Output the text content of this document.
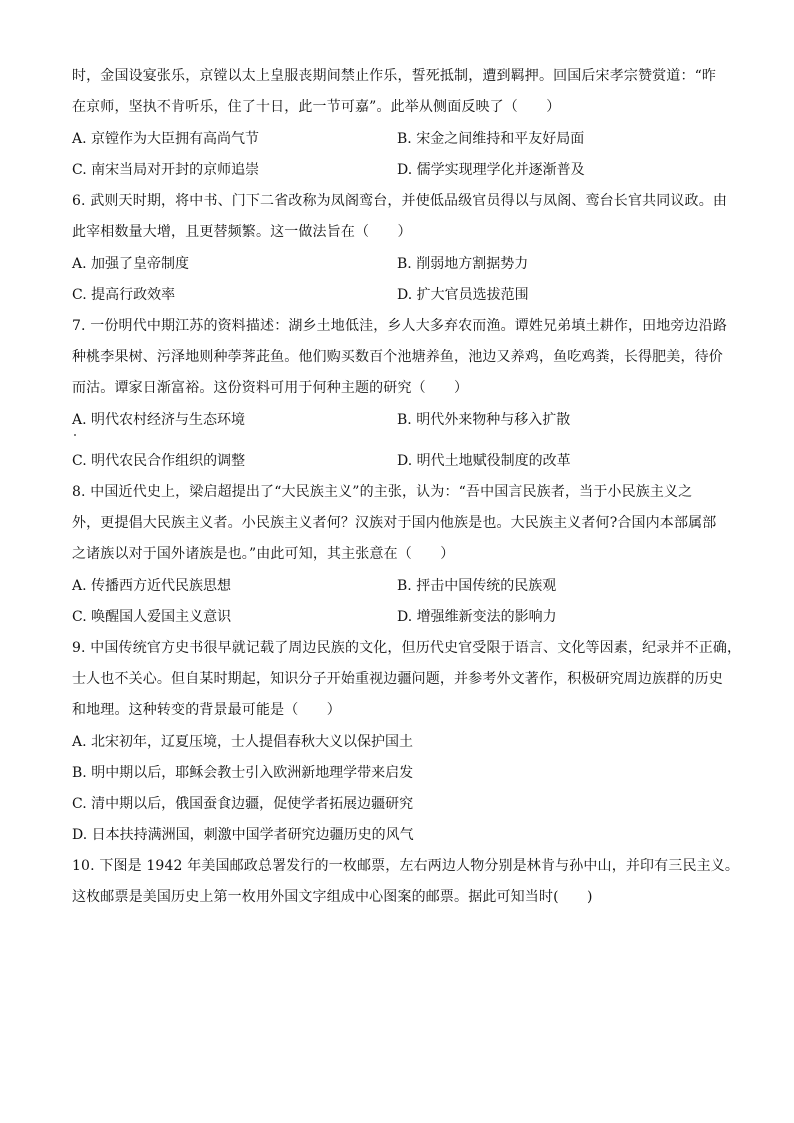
时，金国设宴张乐，京镗以太上皇服丧期间禁止作乐，誓死抵制，遭到羁押。回国后宋孝宗赞赏道：“昨
在京师，坚执不肯听乐，住了十日，此一节可嘉”。此举从侧面反映了（　　）
A. 京镗作为大臣拥有高尚气节	B. 宋金之间维持和平友好局面
C. 南宋当局对开封的京师追崇	D. 儒学实现理学化并逐渐普及
6. 武则天时期，将中书、门下二省改称为凤阁鸾台，并使低品级官员得以与凤阁、鸾台长官共同议政。由
此宰相数量大增，且更替频繁。这一做法旨在（　　）
A. 加强了皇帝制度	B. 削弱地方割据势力
C. 提高行政效率	D. 扩大官员选拔范围
7. 一份明代中期江苏的资料描述：湖乡土地低洼，乡人大多弃农而渔。谭姓兄弟填土耕作，田地旁边沿路
种桃李果树、污泽地则种荸荠茈鱼。他们购买数百个池塘养鱼，池边又养鸡，鱼吃鸡粪，长得肥美，待价
而沽。谭家日渐富裕。这份资料可用于何种主题的研究（　　）
A. 明代农村经济与生态环境	B. 明代外来物种与移入扩散
C. 明代农民合作组织的调整	D. 明代土地赋役制度的改革
8. 中国近代史上，梁启超提出了“大民族主义”的主张，认为：“吾中国言民族者，当于小民族主义之
外，更提倡大民族主义者。小民族主义者何？汉族对于国内他族是也。大民族主义者何?合国内本部属部
之诸族以对于国外诸族是也。”由此可知，其主张意在（　　）
A. 传播西方近代民族思想	B. 抨击中国传统的民族观
C. 唤醒国人爱国主义意识	D. 增强维新变法的影响力
9. 中国传统官方史书很早就记载了周边民族的文化，但历代史官受限于语言、文化等因素，纪录并不正确，
士人也不关心。但自某时期起，知识分子开始重视边疆问题，并参考外文著作，积极研究周边族群的历史
和地理。这种转变的背景最可能是（　　）
A. 北宋初年，辽夏压境，士人提倡春秋大义以保护国土
B. 明中期以后，耶稣会教士引入欧洲新地理学带来启发
C. 清中期以后，俄国蚕食边疆，促使学者拓展边疆研究
D. 日本扶持满洲国，刺激中国学者研究边疆历史的风气
10. 下图是 1942 年美国邮政总署发行的一枚邮票，左右两边人物分别是林肯与孙中山，并印有三民主义。
这枚邮票是美国历史上第一枚用外国文字组成中心图案的邮票。据此可知当时(　　)
